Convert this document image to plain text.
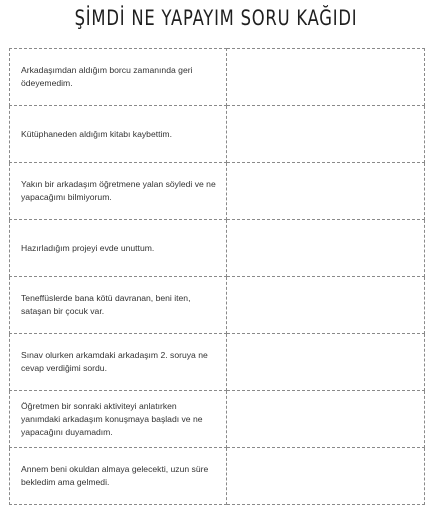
ŞİMDİ NE YAPAYIM SORU KAĞIDI
Arkadaşımdan aldığım borcu zamanında geri ödeyemedim.	
Kütüphaneden aldığım kitabı kaybettim.	
Yakın bir arkadaşım öğretmene yalan söyledi ve ne yapacağımı bilmiyorum.	
Hazırladığım projeyi evde unuttum.	
Teneffüslerde bana kötü davranan, beni iten, sataşan bir çocuk var.	
Sınav olurken arkamdaki arkadaşım 2. soruya ne cevap verdiğimi sordu.	
Öğretmen bir sonraki aktiviteyi anlatırken yanımdaki arkadaşım konuşmaya başladı ve ne yapacağını duyamadım.	
Annem beni okuldan almaya gelecekti, uzun süre bekledim ama gelmedi.	
